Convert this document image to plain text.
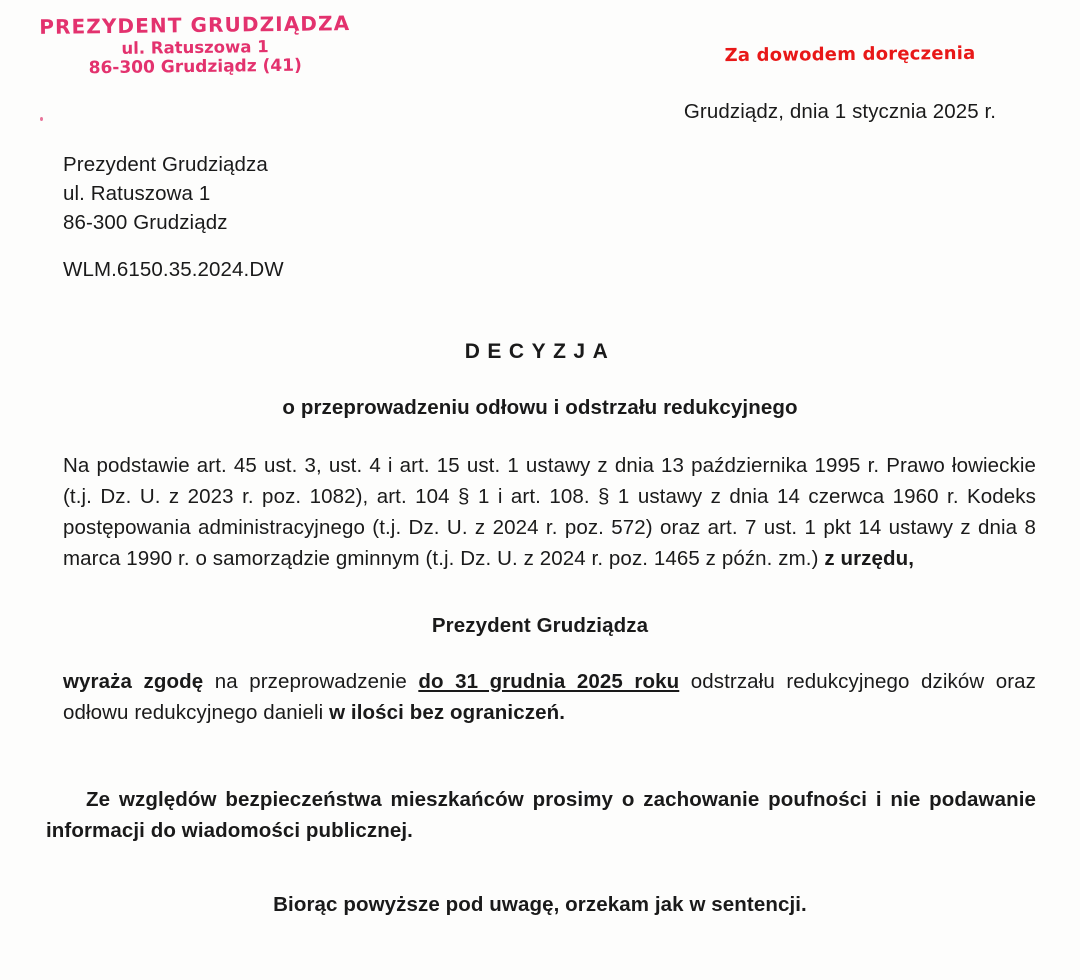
PREZYDENT GRUDZIĄDZA
ul. Ratuszowa 1
86-300 Grudziądz (41)
Za dowodem doręczenia
Grudziądz, dnia 1 stycznia 2025 r.
Prezydent Grudziądza
ul. Ratuszowa 1
86-300 Grudziądz
WLM.6150.35.2024.DW
DECYZJA
o przeprowadzeniu odłowu i odstrzału redukcyjnego
Na podstawie art. 45 ust. 3, ust. 4 i art. 15 ust. 1 ustawy z dnia 13 października 1995 r. Prawo łowieckie (t.j. Dz. U. z 2023 r. poz. 1082), art. 104 § 1 i art. 108. § 1 ustawy z dnia 14 czerwca 1960 r. Kodeks postępowania administracyjnego (t.j. Dz. U. z 2024 r. poz. 572) oraz art. 7 ust. 1 pkt 14 ustawy z dnia 8 marca 1990 r. o samorządzie gminnym (t.j. Dz. U. z 2024 r. poz. 1465 z późn. zm.) z urzędu,
Prezydent Grudziądza
wyraża zgodę na przeprowadzenie do 31 grudnia 2025 roku odstrzału redukcyjnego dzików oraz odłowu redukcyjnego danieli w ilości bez ograniczeń.
Ze względów bezpieczeństwa mieszkańców prosimy o zachowanie poufności i nie podawanie informacji do wiadomości publicznej.
Biorąc powyższe pod uwagę, orzekam jak w sentencji.
